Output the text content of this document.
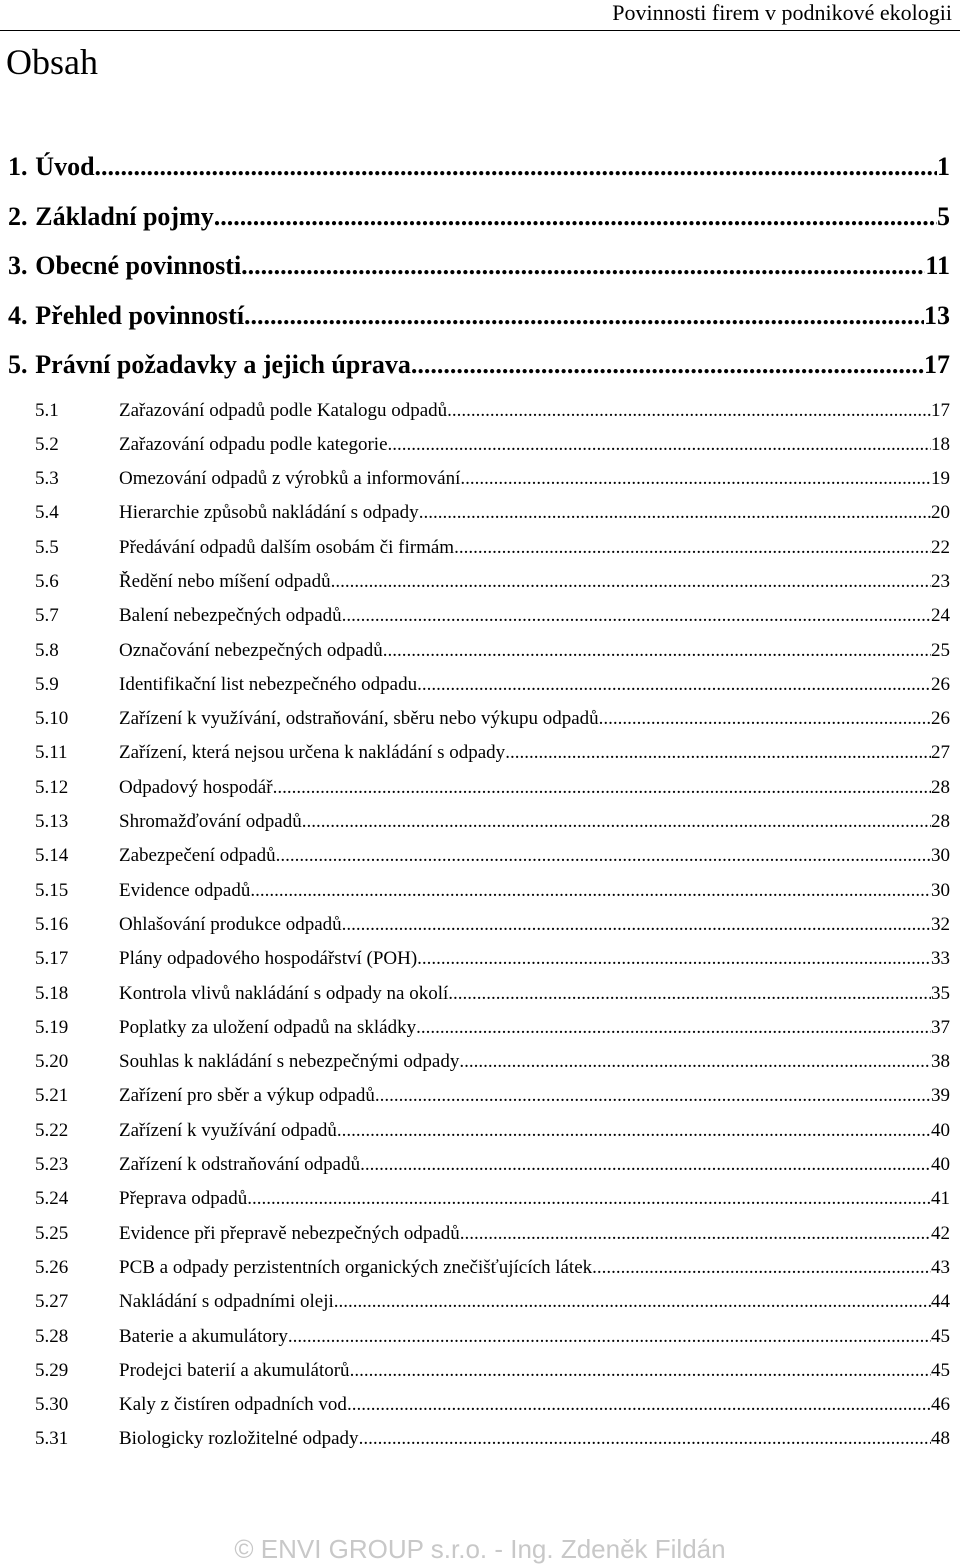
Povinnosti firem v podnikové ekologii
Obsah
1. Úvod .....	1
2. Základní pojmy .....	5
3. Obecné povinnosti .....	11
4. Přehled povinností .....	13
5. Právní požadavky a jejich úprava .....	17
5.1	Zařazování odpadů podle Katalogu odpadů .....	17
5.2	Zařazování odpadu podle kategorie .....	18
5.3	Omezování odpadů z výrobků a informování .....	19
5.4	Hierarchie způsobů nakládání s odpady .....	20
5.5	Předávání odpadů dalším osobám či firmám .....	22
5.6	Ředění nebo míšení odpadů .....	23
5.7	Balení nebezpečných odpadů .....	24
5.8	Označování nebezpečných odpadů .....	25
5.9	Identifikační list nebezpečného odpadu .....	26
5.10	Zařízení k využívání, odstraňování, sběru nebo výkupu odpadů .....	26
5.11	Zařízení, která nejsou určena k nakládání s odpady .....	27
5.12	Odpadový hospodář .....	28
5.13	Shromažďování odpadů .....	28
5.14	Zabezpečení odpadů .....	30
5.15	Evidence odpadů .....	30
5.16	Ohlašování produkce odpadů .....	32
5.17	Plány odpadového hospodářství (POH) .....	33
5.18	Kontrola vlivů nakládání s odpady na okolí .....	35
5.19	Poplatky za uložení odpadů na skládky .....	37
5.20	Souhlas k nakládání s nebezpečnými odpady .....	38
5.21	Zařízení pro sběr a výkup odpadů .....	39
5.22	Zařízení k využívání odpadů .....	40
5.23	Zařízení k odstraňování odpadů .....	40
5.24	Přeprava odpadů .....	41
5.25	Evidence při přepravě nebezpečných odpadů .....	42
5.26	PCB a odpady perzistentních organických znečišťujících látek .....	43
5.27	Nakládání s odpadními oleji .....	44
5.28	Baterie a akumulátory .....	45
5.29	Prodejci baterií a akumulátorů .....	45
5.30	Kaly z čistíren odpadních vod .....	46
5.31	Biologicky rozložitelné odpady .....	48
© ENVI GROUP s.r.o. - Ing. Zdeněk Fildán
